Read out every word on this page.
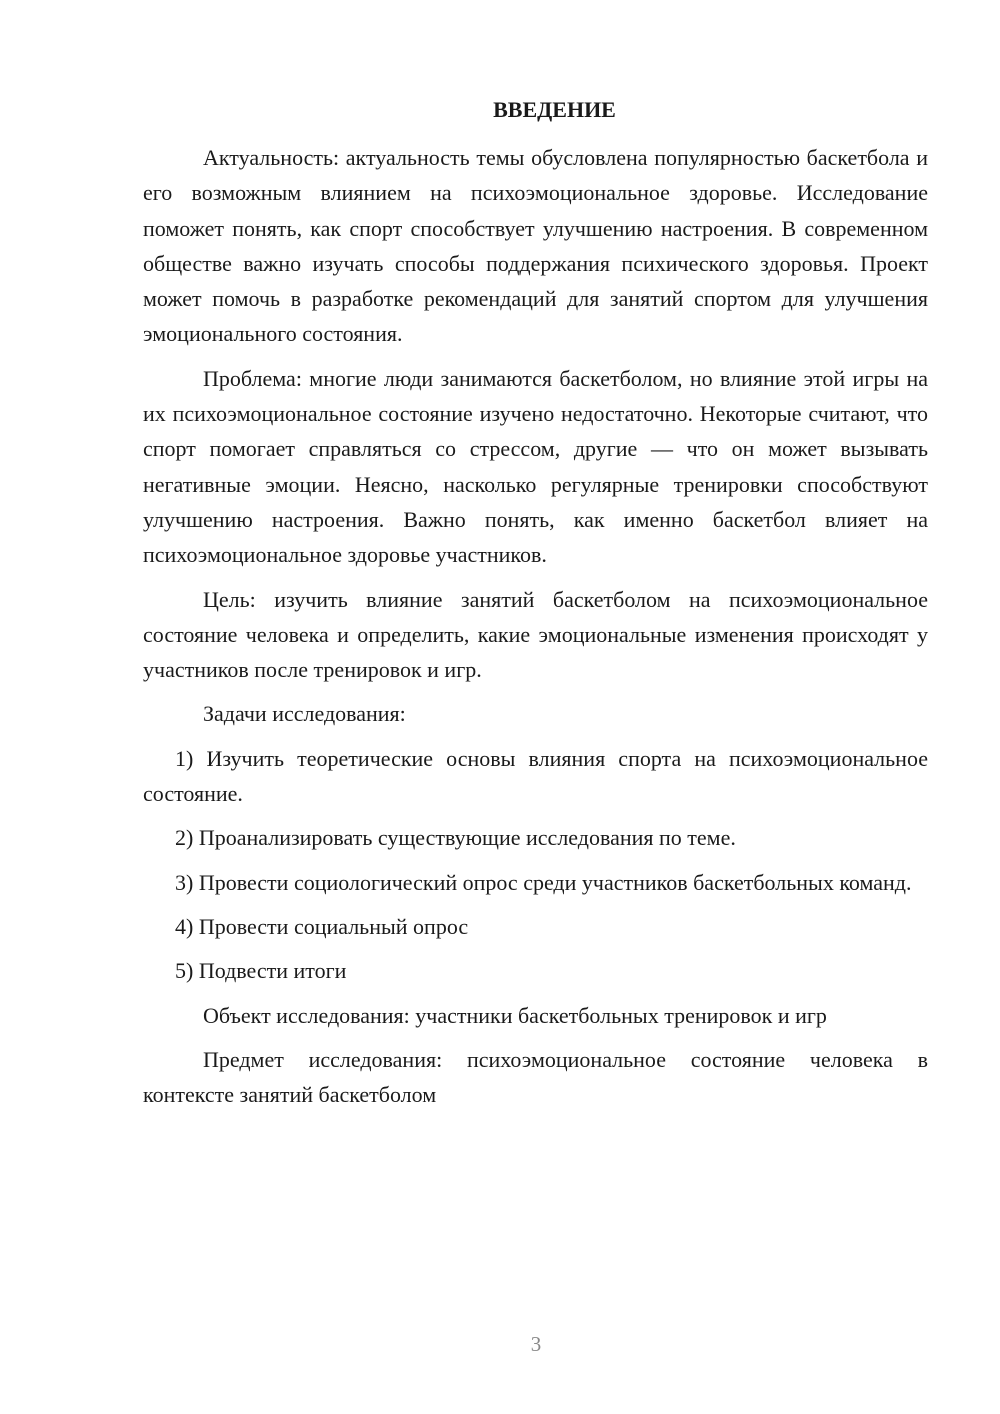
ВВЕДЕНИЕ

Актуальность: актуальность темы обусловлена популярностью баскетбола и его возможным влиянием на психоэмоциональное здоровье. Исследование поможет понять, как спорт способствует улучшению настроения. В современном обществе важно изучать способы поддержания психического здоровья. Проект может помочь в разработке рекомендаций для занятий спортом для улучшения эмоционального состояния.

Проблема: многие люди занимаются баскетболом, но влияние этой игры на их психоэмоциональное состояние изучено недостаточно. Некоторые считают, что спорт помогает справляться со стрессом, другие — что он может вызывать негативные эмоции. Неясно, насколько регулярные тренировки способствуют улучшению настроения. Важно понять, как именно баскетбол влияет на психоэмоциональное здоровье участников.

Цель: изучить влияние занятий баскетболом на психоэмоциональное состояние человека и определить, какие эмоциональные изменения происходят у участников после тренировок и игр.

Задачи исследования:

1) Изучить теоретические основы влияния спорта на психоэмоциональное состояние.

2) Проанализировать существующие исследования по теме.

3) Провести социологический опрос среди участников баскетбольных команд.

4) Провести социальный опрос

5) Подвести итоги

Объект исследования: участники баскетбольных тренировок и игр

Предмет исследования: психоэмоциональное состояние человека в контексте занятий баскетболом

3
